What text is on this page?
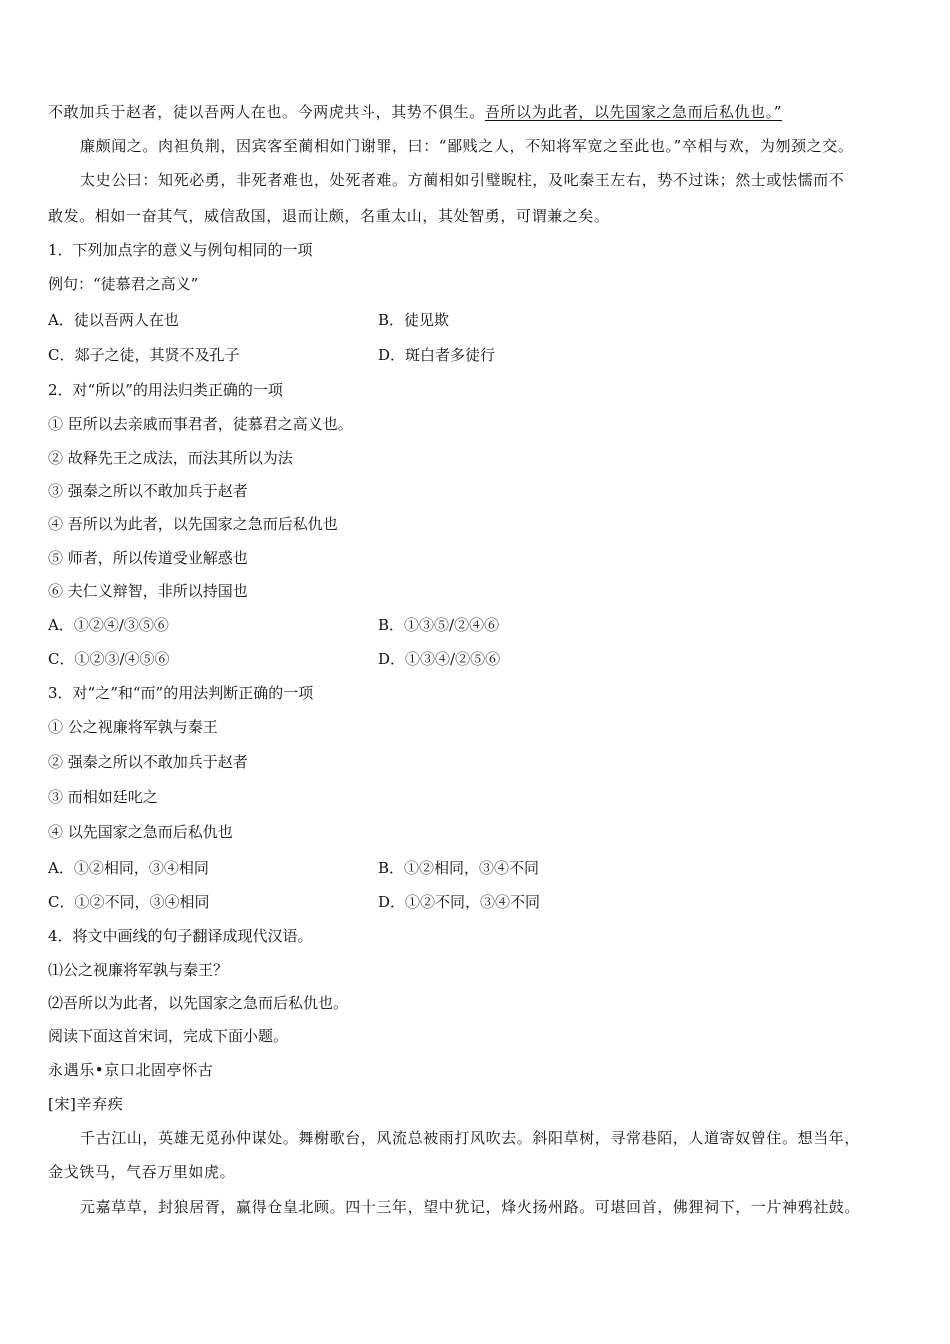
不敢加兵于赵者，徒以吾两人在也。今两虎共斗，其势不俱生。吾所以为此者，以先国家之急而后私仇也。”
廉颇闻之。肉袒负荆，因宾客至蔺相如门谢罪，曰：“鄙贱之人，不知将军宽之至此也。”卒相与欢，为刎颈之交。
太史公曰：知死必勇，非死者难也，处死者难。方蔺相如引璧睨柱，及叱秦王左右，势不过诛；然士或怯懦而不
敢发。相如一奋其气，威信敌国，退而让颇，名重太山，其处智勇，可谓兼之矣。
1．下列加点字的意义与例句相同的一项
例句：“徒慕君之高义”
A．徒以吾两人在也	B．徒见欺
C．郯子之徒，其贤不及孔子	D．斑白者多徒行
2．对“所以”的用法归类正确的一项
① 臣所以去亲戚而事君者，徒慕君之高义也。
② 故释先王之成法，而法其所以为法
③ 强秦之所以不敢加兵于赵者
④ 吾所以为此者，以先国家之急而后私仇也
⑤ 师者，所以传道受业解惑也
⑥ 夫仁义辩智，非所以持国也
A．①②④/③⑤⑥	B．①③⑤/②④⑥
C．①②③/④⑤⑥	D．①③④/②⑤⑥
3．对“之”和“而”的用法判断正确的一项
① 公之视廉将军孰与秦王
② 强秦之所以不敢加兵于赵者
③ 而相如廷叱之
④ 以先国家之急而后私仇也
A．①②相同，③④相同	B．①②相同，③④不同
C．①②不同，③④相同	D．①②不同，③④不同
4．将文中画线的句子翻译成现代汉语。
⑴公之视廉将军孰与秦王？
⑵吾所以为此者，以先国家之急而后私仇也。
阅读下面这首宋词，完成下面小题。
永遇乐•京口北固亭怀古
[宋]辛弃疾
千古江山，英雄无觅孙仲谋处。舞榭歌台，风流总被雨打风吹去。斜阳草树，寻常巷陌，人道寄奴曾住。想当年，
金戈铁马，气吞万里如虎。
元嘉草草，封狼居胥，赢得仓皇北顾。四十三年，望中犹记，烽火扬州路。可堪回首，佛狸祠下，一片神鸦社鼓。
